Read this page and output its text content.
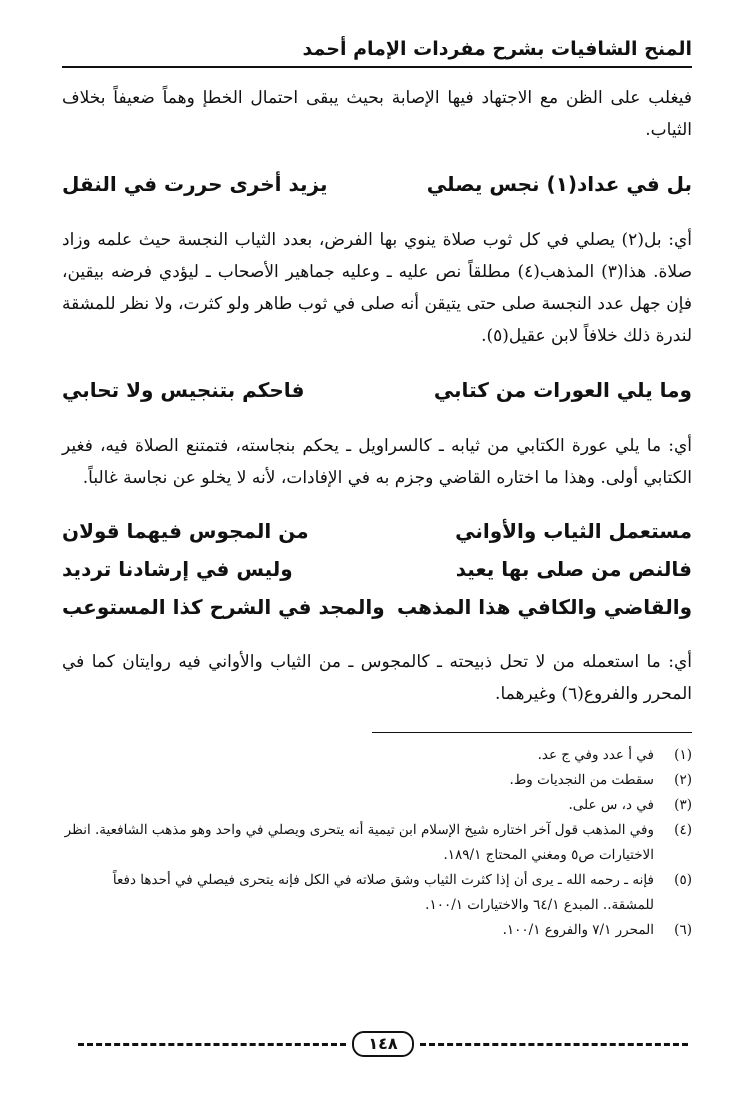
المنح الشافيات بشرح مفردات الإمام أحمد

فيغلب على الظن مع الاجتهاد فيها الإصابة بحيث يبقى احتمال الخطإ وهماً ضعيفاً بخلاف الثياب.

بل في عداد(١) نجس يصلي
يزيد أخرى حررت في النقل

أي: بل(٢) يصلي في كل ثوب صلاة ينوي بها الفرض، بعدد الثياب النجسة حيث علمه وزاد صلاة. هذا(٣) المذهب(٤) مطلقاً نص عليه ـ وعليه جماهير الأصحاب ـ ليؤدي فرضه بيقين، فإن جهل عدد النجسة صلى حتى يتيقن أنه صلى في ثوب طاهر ولو كثرت، ولا نظر للمشقة لندرة ذلك خلافاً لابن عقيل(٥).

وما يلي العورات من كتابي
فاحكم بتنجيس ولا تحابي

أي: ما يلي عورة الكتابي من ثيابه ـ كالسراويل ـ يحكم بنجاسته، فتمتنع الصلاة فيه، فغير الكتابي أولى. وهذا ما اختاره القاضي وجزم به في الإفادات، لأنه لا يخلو عن نجاسة غالباً.

مستعمل الثياب والأواني
من المجوس فيهما قولان
فالنص من صلى بها يعيد
وليس في إرشادنا ترديد
والقاضي والكافي هذا المذهب
والمجد في الشرح كذا المستوعب

أي: ما استعمله من لا تحل ذبيحته ـ كالمجوس ـ من الثياب والأواني فيه روايتان كما في المحرر والفروع(٦) وغيرهما.

(١)
في أ عدد وفي ج عد.
(٢)
سقطت من النجديات وط.
(٣)
في د، س على.
(٤)
وفي المذهب قول آخر اختاره شيخ الإسلام ابن تيمية أنه يتحرى ويصلي في واحد وهو مذهب الشافعية. انظر الاختيارات ص٥ ومغني المحتاج ١٨٩/١.
(٥)
فإنه ـ رحمه الله ـ يرى أن إذا كثرت الثياب وشق صلاته في الكل فإنه يتحرى فيصلي في أحدها دفعاً للمشقة.. المبدع ٦٤/١ والاختيارات ١٠٠/١.
(٦)
المحرر ٧/١ والفروع ١٠٠/١.
١٤٨
